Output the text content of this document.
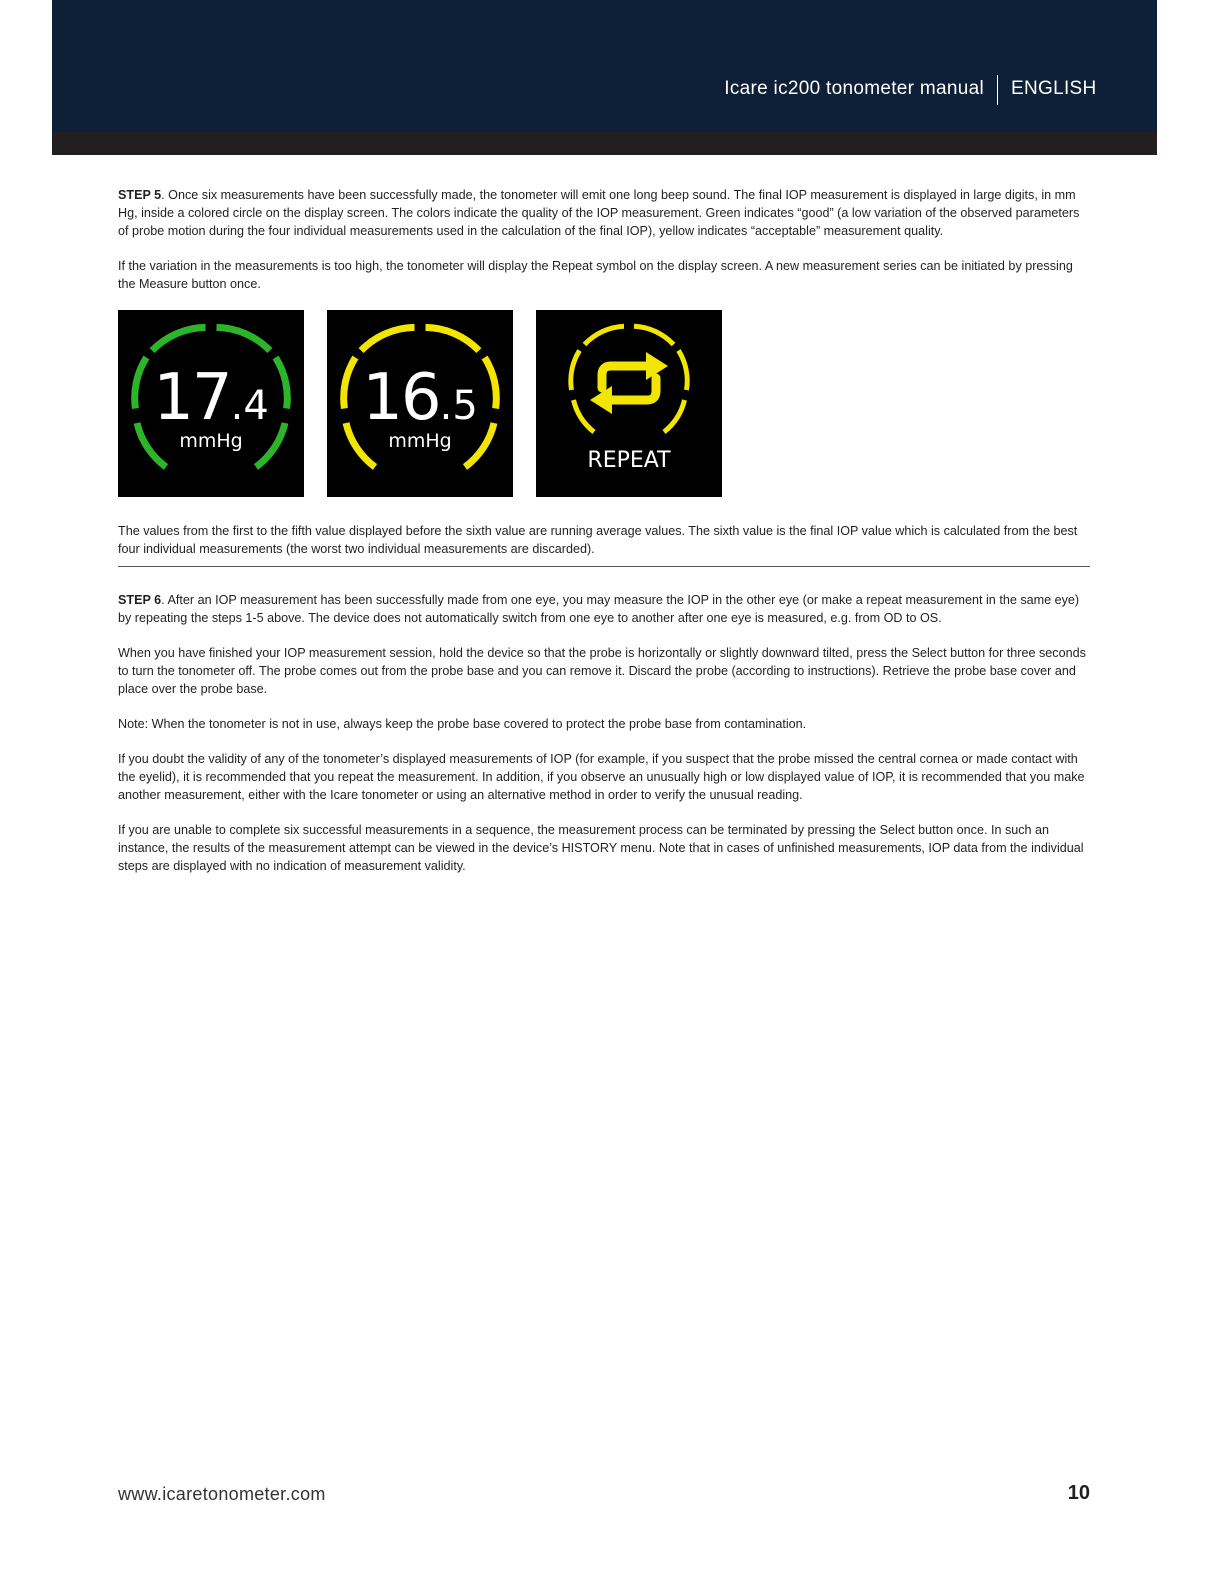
Icare ic200 tonometer manual ENGLISH

STEP 5. Once six measurements have been successfully made, the tonometer will emit one long beep sound. The final IOP measurement is displayed in large digits, in mm Hg, inside a colored circle on the display screen. The colors indicate the quality of the IOP measurement. Green indicates “good” (a low variation of the observed parameters of probe motion during the four individual measurements used in the calculation of the final IOP), yellow indicates “acceptable” measurement quality.

If the variation in the measurements is too high, the tonometer will display the Repeat symbol on the display screen. A new measurement series can be initiated by pressing the Measure button once.

17.4
mmHg
16.5
mmHg
REPEAT

The values from the first to the fifth value displayed before the sixth value are running average values. The sixth value is the final IOP value which is calculated from the best four individual measurements (the worst two individual measurements are discarded).

STEP 6. After an IOP measurement has been successfully made from one eye, you may measure the IOP in the other eye (or make a repeat measurement in the same eye) by repeating the steps 1-5 above. The device does not automatically switch from one eye to another after one eye is measured, e.g. from OD to OS.

When you have finished your IOP measurement session, hold the device so that the probe is horizontally or slightly downward tilted, press the Select button for three seconds to turn the tonometer off. The probe comes out from the probe base and you can remove it. Discard the probe (according to instructions). Retrieve the probe base cover and place over the probe base.

Note: When the tonometer is not in use, always keep the probe base covered to protect the probe base from contamination.

If you doubt the validity of any of the tonometer’s displayed measurements of IOP (for example, if you suspect that the probe missed the central cornea or made contact with the eyelid), it is recommended that you repeat the measurement. In addition, if you observe an unusually high or low displayed value of IOP, it is recommended that you make another measurement, either with the Icare tonometer or using an alternative method in order to verify the unusual reading.

If you are unable to complete six successful measurements in a sequence, the measurement process can be terminated by pressing the Select button once. In such an instance, the results of the measurement attempt can be viewed in the device’s HISTORY menu. Note that in cases of unfinished measurements, IOP data from the individual steps are displayed with no indication of measurement validity.

www.icaretonometer.com	10
